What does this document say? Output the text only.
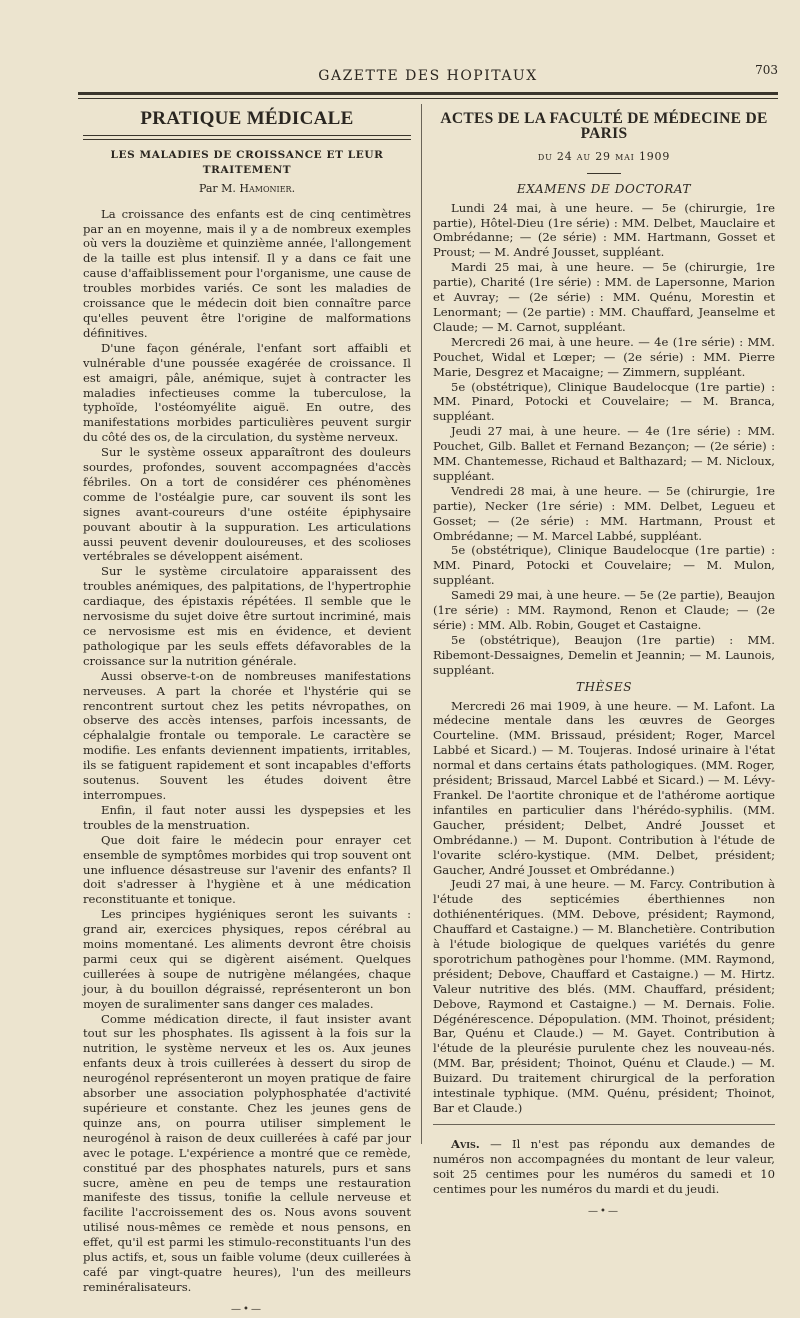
GAZETTE DES HOPITAUX	703
PRATIQUE MÉDICALE
LES MALADIES DE CROISSANCE ET LEUR TRAITEMENT
Par M. Hamonier.

La croissance des enfants est de cinq centimètres par an en moyenne, mais il y a de nombreux exemples où vers la douzième et quinzième année, l'allongement de la taille est plus intensif. Il y a dans ce fait une cause d'affaiblissement pour l'organisme, une cause de troubles morbides variés. Ce sont les maladies de croissance que le médecin doit bien connaître parce qu'elles peuvent être l'origine de malformations définitives.

D'une façon générale, l'enfant sort affaibli et vulnérable d'une poussée exagérée de croissance. Il est amaigri, pâle, anémique, sujet à contracter les maladies infectieuses comme la tuberculose, la typhoïde, l'ostéomyélite aiguë. En outre, des manifestations morbides particulières peuvent surgir du côté des os, de la circulation, du système nerveux.

Sur le système osseux apparaîtront des douleurs sourdes, profondes, souvent accompagnées d'accès fébriles. On a tort de considérer ces phénomènes comme de l'ostéalgie pure, car souvent ils sont les signes avant-coureurs d'une ostéite épiphysaire pouvant aboutir à la suppuration. Les articulations aussi peuvent devenir douloureuses, et des scolioses vertébrales se développent aisément.

Sur le système circulatoire apparaissent des troubles anémiques, des palpitations, de l'hypertrophie cardiaque, des épistaxis répétées. Il semble que le nervosisme du sujet doive être surtout incriminé, mais ce nervosisme est mis en évidence, et devient pathologique par les seuls effets défavorables de la croissance sur la nutrition générale.

Aussi observe-t-on de nombreuses manifestations nerveuses. A part la chorée et l'hystérie qui se rencontrent surtout chez les petits névropathes, on observe des accès intenses, parfois incessants, de céphalalgie frontale ou temporale. Le caractère se modifie. Les enfants deviennent impatients, irritables, ils se fatiguent rapidement et sont incapables d'efforts soutenus. Souvent les études doivent être interrompues.

Enfin, il faut noter aussi les dyspepsies et les troubles de la menstruation.

Que doit faire le médecin pour enrayer cet ensemble de symptômes morbides qui trop souvent ont une influence désastreuse sur l'avenir des enfants? Il doit s'adresser à l'hygiène et à une médication reconstituante et tonique.

Les principes hygiéniques seront les suivants : grand air, exercices physiques, repos cérébral au moins momentané. Les aliments devront être choisis parmi ceux qui se digèrent aisément. Quelques cuillerées à soupe de nutrigène mélangées, chaque jour, à du bouillon dégraissé, représenteront un bon moyen de suralimenter sans danger ces malades.

Comme médication directe, il faut insister avant tout sur les phosphates. Ils agissent à la fois sur la nutrition, le système nerveux et les os. Aux jeunes enfants deux à trois cuillerées à dessert du sirop de neurogénol représenteront un moyen pratique de faire absorber une association polyphosphatée d'activité supérieure et constante. Chez les jeunes gens de quinze ans, on pourra utiliser simplement le neurogénol à raison de deux cuillerées à café par jour avec le potage. L'expérience a montré que ce remède, constitué par des phosphates naturels, purs et sans sucre, amène en peu de temps une restauration manifeste des tissus, tonifie la cellule nerveuse et facilite l'accroissement des os. Nous avons souvent utilisé nous-mêmes ce remède et nous pensons, en effet, qu'il est parmi les stimulo-reconstituants l'un des plus actifs, et, sous un faible volume (deux cuillerées à café par vingt-quatre heures), l'un des meilleurs reminéralisateurs.

—•—
ACTES DE LA FACULTÉ DE MÉDECINE DE PARIS
du 24 au 29 mai 1909
EXAMENS DE DOCTORAT

Lundi 24 mai, à une heure. — 5e (chirurgie, 1re partie), Hôtel-Dieu (1re série) : MM. Delbet, Mauclaire et Ombrédanne; — (2e série) : MM. Hartmann, Gosset et Proust; — M. André Jousset, suppléant.

Mardi 25 mai, à une heure. — 5e (chirurgie, 1re partie), Charité (1re série) : MM. de Lapersonne, Marion et Auvray; — (2e série) : MM. Quénu, Morestin et Lenormant; — (2e partie) : MM. Chauffard, Jeanselme et Claude; — M. Carnot, suppléant.

Mercredi 26 mai, à une heure. — 4e (1re série) : MM. Pouchet, Widal et Lœper; — (2e série) : MM. Pierre Marie, Desgrez et Macaigne; — Zimmern, suppléant.

5e (obstétrique), Clinique Baudelocque (1re partie) : MM. Pinard, Potocki et Couvelaire; — M. Branca, suppléant.

Jeudi 27 mai, à une heure. — 4e (1re série) : MM. Pouchet, Gilb. Ballet et Fernand Bezançon; — (2e série) : MM. Chantemesse, Richaud et Balthazard; — M. Nicloux, suppléant.

Vendredi 28 mai, à une heure. — 5e (chirurgie, 1re partie), Necker (1re série) : MM. Delbet, Legueu et Gosset; — (2e série) : MM. Hartmann, Proust et Ombrédanne; — M. Marcel Labbé, suppléant.

5e (obstétrique), Clinique Baudelocque (1re partie) : MM. Pinard, Potocki et Couvelaire; — M. Mulon, suppléant.

Samedi 29 mai, à une heure. — 5e (2e partie), Beaujon (1re série) : MM. Raymond, Renon et Claude; — (2e série) : MM. Alb. Robin, Gouget et Castaigne.

5e (obstétrique), Beaujon (1re partie) : MM. Ribemont-Dessaignes, Demelin et Jeannin; — M. Launois, suppléant.

THÈSES

Mercredi 26 mai 1909, à une heure. — M. Lafont. La médecine mentale dans les œuvres de Georges Courteline. (MM. Brissaud, président; Roger, Marcel Labbé et Sicard.) — M. Toujeras. Indosé urinaire à l'état normal et dans certains états pathologiques. (MM. Roger, président; Brissaud, Marcel Labbé et Sicard.) — M. Lévy-Frankel. De l'aortite chronique et de l'athérome aortique infantiles en particulier dans l'hérédo-syphilis. (MM. Gaucher, président; Delbet, André Jousset et Ombrédanne.) — M. Dupont. Contribution à l'étude de l'ovarite scléro-kystique. (MM. Delbet, président; Gaucher, André Jousset et Ombrédanne.)

Jeudi 27 mai, à une heure. — M. Farcy. Contribution à l'étude des septicémies éberthiennes non dothiénentériques. (MM. Debove, président; Raymond, Chauffard et Castaigne.) — M. Blanchetière. Contribution à l'étude biologique de quelques variétés du genre sporotrichum pathogènes pour l'homme. (MM. Raymond, président; Debove, Chauffard et Castaigne.) — M. Hirtz. Valeur nutritive des blés. (MM. Chauffard, président; Debove, Raymond et Castaigne.) — M. Dernais. Folie. Dégénérescence. Dépopulation. (MM. Thoinot, président; Bar, Quénu et Claude.) — M. Gayet. Contribution à l'étude de la pleurésie purulente chez les nouveau-nés. (MM. Bar, président; Thoinot, Quénu et Claude.) — M. Buizard. Du traitement chirurgical de la perforation intestinale typhique. (MM. Quénu, président; Thoinot, Bar et Claude.)

Avis. — Il n'est pas répondu aux demandes de numéros non accompagnées du montant de leur valeur, soit 25 centimes pour les numéros du samedi et 10 centimes pour les numéros du mardi et du jeudi.

—•—
